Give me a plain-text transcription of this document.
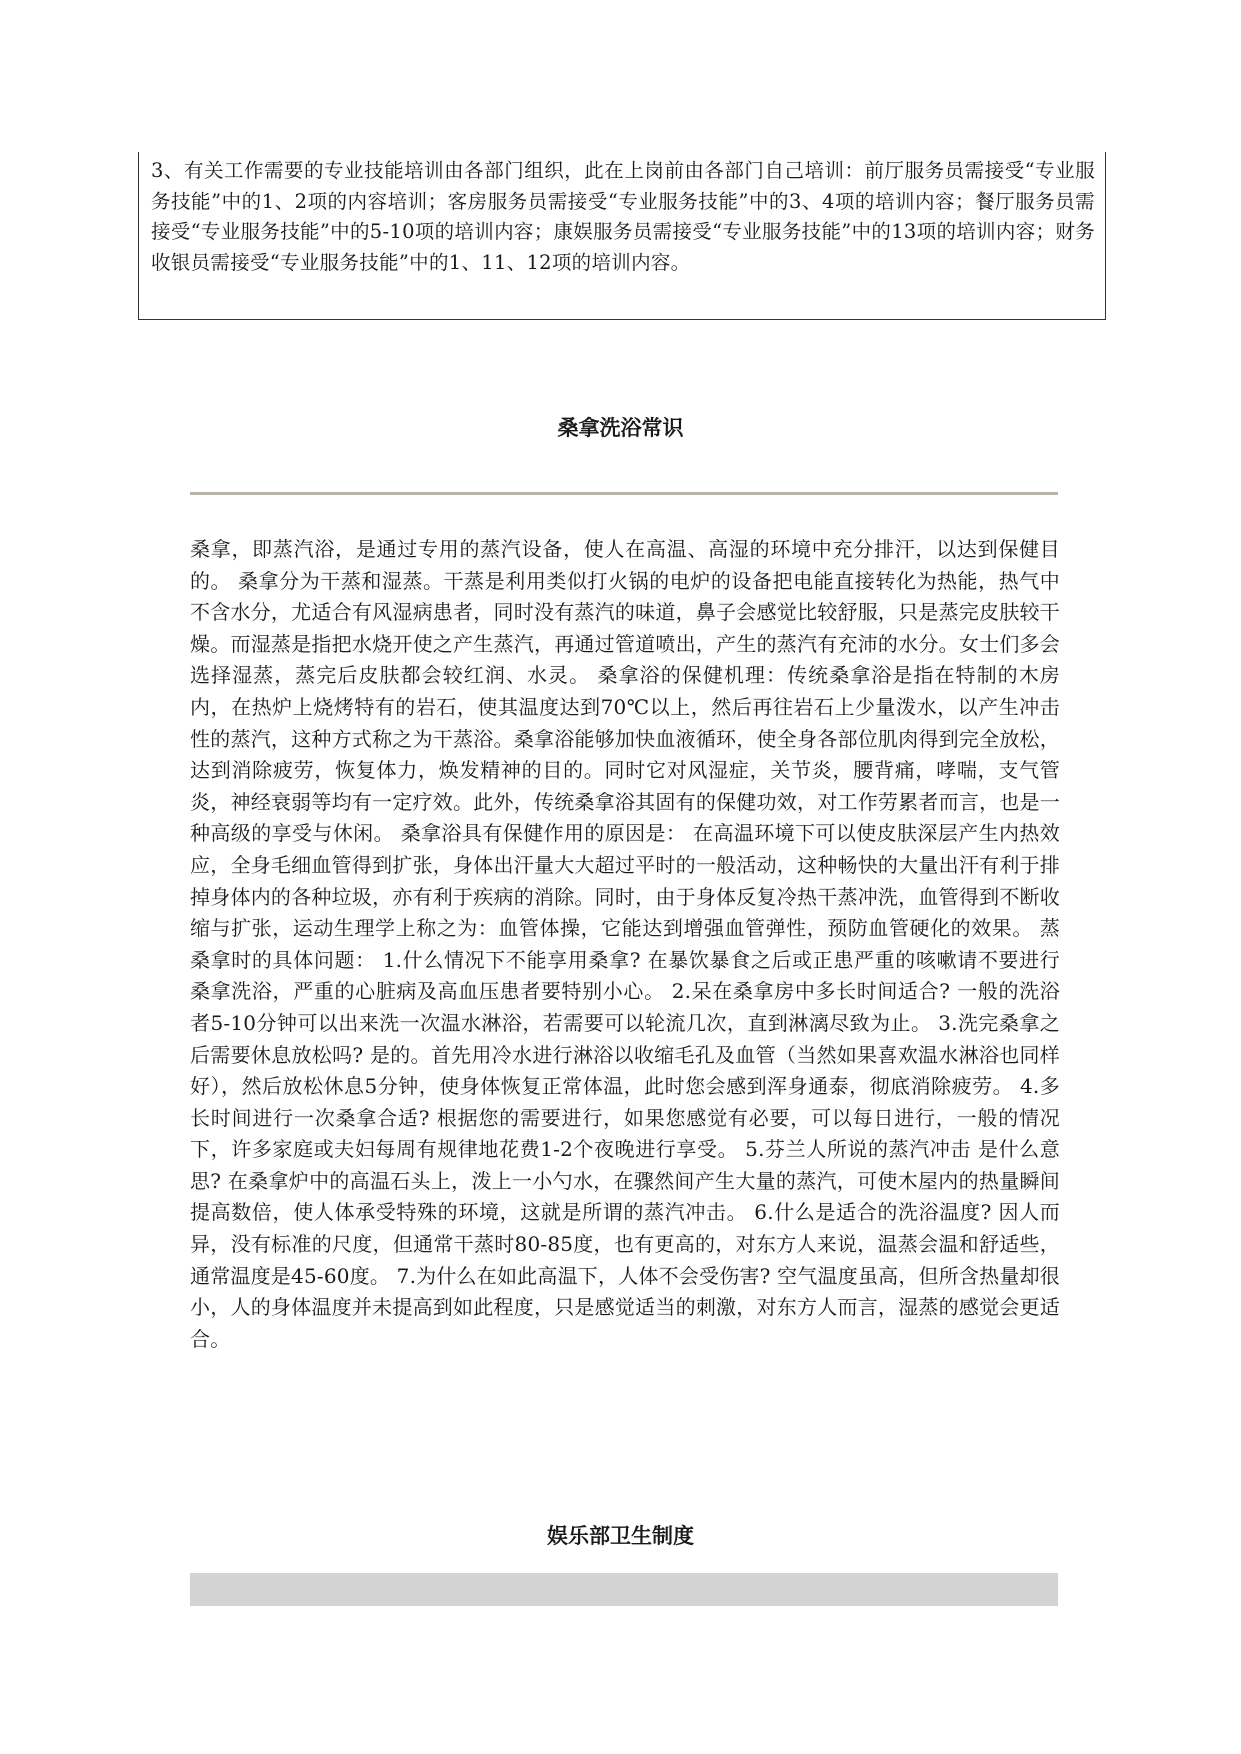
3、有关工作需要的专业技能培训由各部门组织，此在上岗前由各部门自己培训：前厅服务员需接受“专业服务技能”中的1、2项的内容培训；客房服务员需接受“专业服务技能”中的3、4项的培训内容；餐厅服务员需接受“专业服务技能”中的5-10项的培训内容；康娱服务员需接受“专业服务技能”中的13项的培训内容；财务收银员需接受“专业服务技能”中的1、11、12项的培训内容。

桑拿洗浴常识

桑拿，即蒸汽浴，是通过专用的蒸汽设备，使人在高温、高湿的环境中充分排汗，以达到保健目的。 桑拿分为干蒸和湿蒸。干蒸是利用类似打火锅的电炉的设备把电能直接转化为热能，热气中不含水分，尤适合有风湿病患者，同时没有蒸汽的味道，鼻子会感觉比较舒服，只是蒸完皮肤较干燥。而湿蒸是指把水烧开使之产生蒸汽，再通过管道喷出，产生的蒸汽有充沛的水分。女士们多会选择湿蒸，蒸完后皮肤都会较红润、水灵。 桑拿浴的保健机理：传统桑拿浴是指在特制的木房内，在热炉上烧烤特有的岩石，使其温度达到70℃以上，然后再往岩石上少量泼水，以产生冲击性的蒸汽，这种方式称之为干蒸浴。桑拿浴能够加快血液循环，使全身各部位肌肉得到完全放松，达到消除疲劳，恢复体力，焕发精神的目的。同时它对风湿症，关节炎，腰背痛，哮喘，支气管炎，神经衰弱等均有一定疗效。此外，传统桑拿浴其固有的保健功效，对工作劳累者而言，也是一种高级的享受与休闲。 桑拿浴具有保健作用的原因是： 在高温环境下可以使皮肤深层产生内热效应，全身毛细血管得到扩张，身体出汗量大大超过平时的一般活动，这种畅快的大量出汗有利于排掉身体内的各种垃圾，亦有利于疾病的消除。同时，由于身体反复冷热干蒸冲洗，血管得到不断收缩与扩张，运动生理学上称之为：血管体操，它能达到增强血管弹性，预防血管硬化的效果。 蒸桑拿时的具体问题： 1.什么情况下不能享用桑拿? 在暴饮暴食之后或正患严重的咳嗽请不要进行桑拿洗浴，严重的心脏病及高血压患者要特别小心。 2.呆在桑拿房中多长时间适合? 一般的洗浴者5-10分钟可以出来洗一次温水淋浴，若需要可以轮流几次，直到淋漓尽致为止。 3.洗完桑拿之后需要休息放松吗? 是的。首先用冷水进行淋浴以收缩毛孔及血管（当然如果喜欢温水淋浴也同样好），然后放松休息5分钟，使身体恢复正常体温，此时您会感到浑身通泰，彻底消除疲劳。 4.多长时间进行一次桑拿合适? 根据您的需要进行，如果您感觉有必要，可以每日进行，一般的情况下，许多家庭或夫妇每周有规律地花费1-2个夜晚进行享受。 5.芬兰人所说的蒸汽冲击 是什么意思? 在桑拿炉中的高温石头上，泼上一小勺水，在骤然间产生大量的蒸汽，可使木屋内的热量瞬间提高数倍，使人体承受特殊的环境，这就是所谓的蒸汽冲击。 6.什么是适合的洗浴温度? 因人而异，没有标准的尺度，但通常干蒸时80-85度，也有更高的，对东方人来说，温蒸会温和舒适些，通常温度是45-60度。 7.为什么在如此高温下，人体不会受伤害? 空气温度虽高，但所含热量却很小，人的身体温度并未提高到如此程度，只是感觉适当的刺激，对东方人而言，湿蒸的感觉会更适合。

娱乐部卫生制度
